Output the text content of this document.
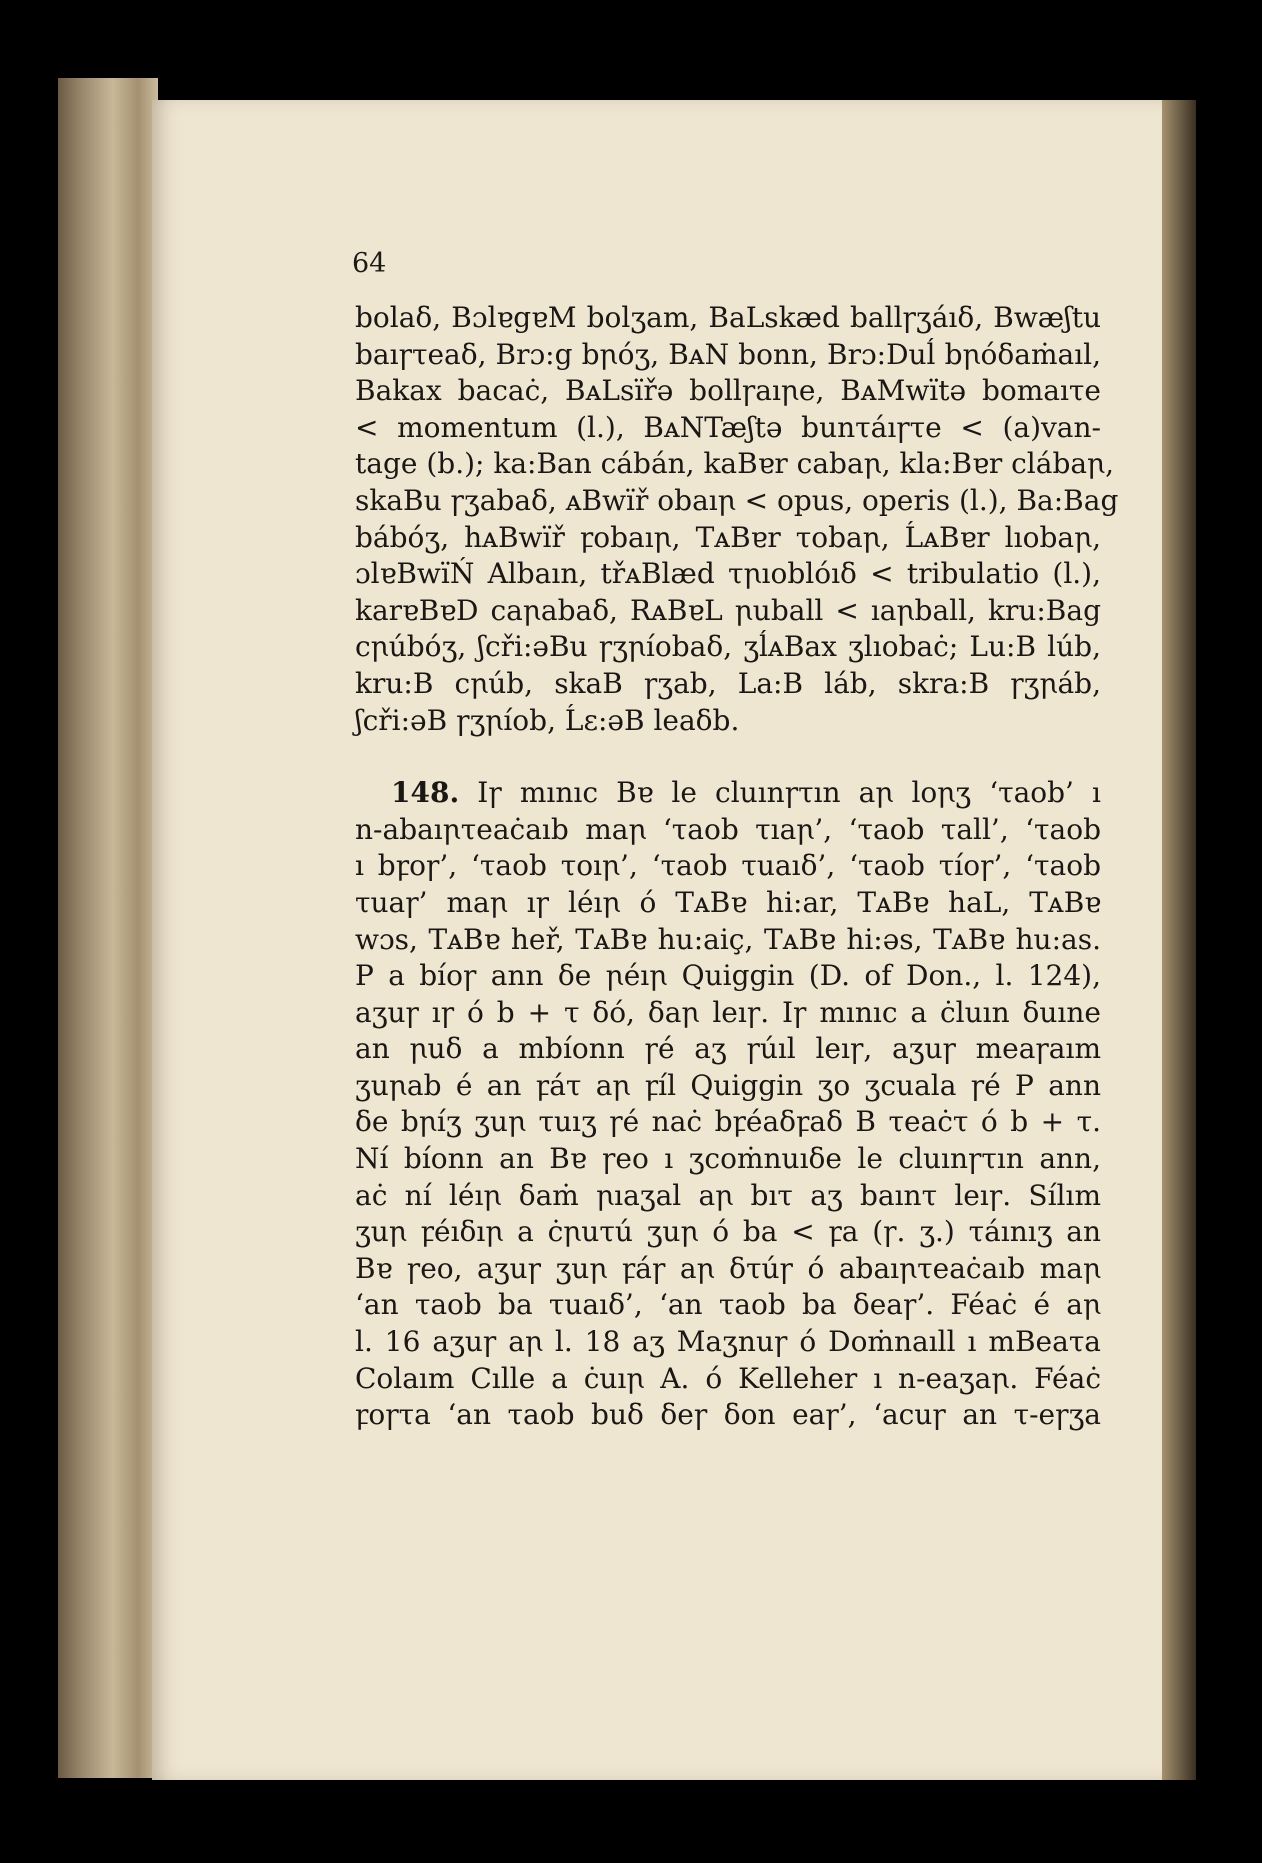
64
bolaδ, BɔlɐgɐM bolʒam, BaLskæd ballꞅʒáıδ, Bwæʃtu
baıꞅτeaδ, Brɔ:g bꞃóʒ, BᴀN bonn, Brɔ:Duĺ bꞃóδaṁaıl,
Bakax bacaċ, BᴀLsïřə bollꞅaıꞃe, BᴀMwïtə bomaıτe
< momentum (l.), BᴀNTæʃtə bunτáıꞅτe < (a)van-
tage (b.); ka:Ban cábán, kaBɐr cabaꞃ, kla:Bɐr clábaꞃ,
skaBu ꞅʒabaδ, ᴀBwïř obaıꞃ < opus, operis (l.), Ba:Bag
bábóʒ, hᴀBwïř ꝼobaıꞃ, TᴀBɐr τobaꞃ, ĹᴀBɐr lıobaꞃ,
ɔlɐBwïŃ Albaın, třᴀBlæd τꞃıoblóıδ < tribulatio (l.),
karɐBɐD caꞃabaδ, RᴀBɐL ꞃuball < ıaꞃball, kru:Bag
cꞃúbóʒ, ʃcři:əBu ꞅʒꞃíobaδ, ʒĺᴀBax ʒlıobaċ; Lu:B lúb,
kru:B cꞃúb, skaB ꞅʒab, La:B láb, skra:B ꞅʒꞃáb,
ʃcři:əB ꞅʒꞃíob, Ĺɛ:əB leaδb.
148. Iꞅ mınıc Bɐ le cluınꞅτın aꞃ loꞃʒ ‘τaob’ ı
n-abaıꞃτeaċaıb maꞃ ‘τaob τıaꞃ’, ‘τaob τall’, ‘τaob
ı bꝼoꞅ’, ‘τaob τoıꞃ’, ‘τaob τuaıδ’, ‘τaob τíoꞅ’, ‘τaob
τuaꞅ’ maꞃ ıꞅ léıꞃ ó TᴀBɐ hi:ar, TᴀBɐ haL, TᴀBɐ
wɔs, TᴀBɐ heř, TᴀBɐ hu:aiç, TᴀBɐ hi:əs, TᴀBɐ hu:as.
P a bíoꞅ ann δe ꞃéıꞃ Quiggin (D. of Don., l. 124),
aʒuꞅ ıꞅ ó b + τ δó, δaꞃ leıꞅ. Iꞅ mınıc a ċluın δuıne
an ꞃuδ a mbíonn ꞅé aʒ ꞅúıl leıꞅ, aʒuꞅ meaꞅaım
ʒuꞃab é an ꝼáτ aꞃ ꝼíl Quiggin ʒo ʒcuala ꞅé P ann
δe bꞃíʒ ʒuꞃ τuıʒ ꞅé naċ bꝼéaδꝼaδ B τeaċτ ó b + τ.
Ní bíonn an Bɐ ꞅeo ı ʒcoṁnuıδe le cluınꞅτın ann,
aċ ní léıꞃ δaṁ ꞃıaʒal aꞃ bıτ aʒ baınτ leıꞅ. Sílım
ʒuꞃ ꝼéıδıꞃ a ċꞃuτú ʒuꞃ ó ba < ꝼa (ꞅ. ʒ.) τáınıʒ an
Bɐ ꞅeo, aʒuꞅ ʒuꞃ ꝼáꞅ aꞃ δτúꞅ ó abaıꞃτeaċaıb maꞃ
‘an τaob ba τuaıδ’, ‘an τaob ba δeaꞅ’. Féaċ é aꞃ
l. 16 aʒuꞅ aꞃ l. 18 aʒ Maʒnuꞅ ó Doṁnaıll ı mBeaτa
Colaım Cılle a ċuıꞃ A. ó Kelleher ı n-eaʒaꞃ. Féaċ
ꝼoꞅτa ‘an τaob buδ δeꞅ δon eaꞅ’, ‘acuꞅ an τ-eꞅʒa
